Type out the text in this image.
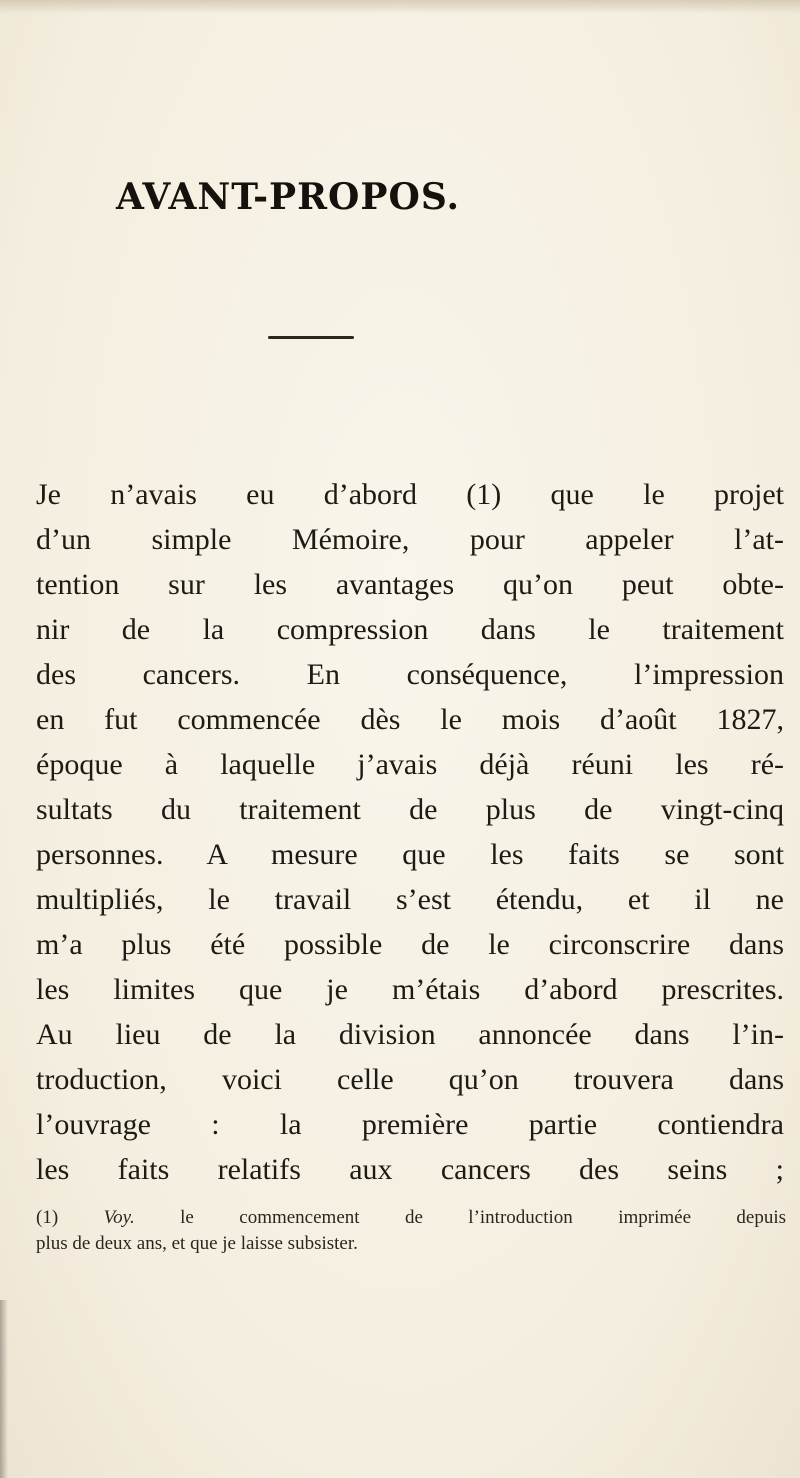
AVANT-PROPOS.
Je n’avais eu d’abord (1) que le projet
d’un simple Mémoire, pour appeler l’at-
tention sur les avantages qu’on peut obte-
nir de la compression dans le traitement
des cancers. En conséquence, l’impression
en fut commencée dès le mois d’août 1827,
époque à laquelle j’avais déjà réuni les ré-
sultats du traitement de plus de vingt-cinq
personnes. A mesure que les faits se sont
multipliés, le travail s’est étendu, et il ne
m’a plus été possible de le circonscrire dans
les limites que je m’étais d’abord prescrites.
Au lieu de la division annoncée dans l’in-
troduction, voici celle qu’on trouvera dans
l’ouvrage : la première partie contiendra
les faits relatifs aux cancers des seins ;
(1) Voy. le commencement de l’introduction imprimée depuis
plus de deux ans, et que je laisse subsister.
